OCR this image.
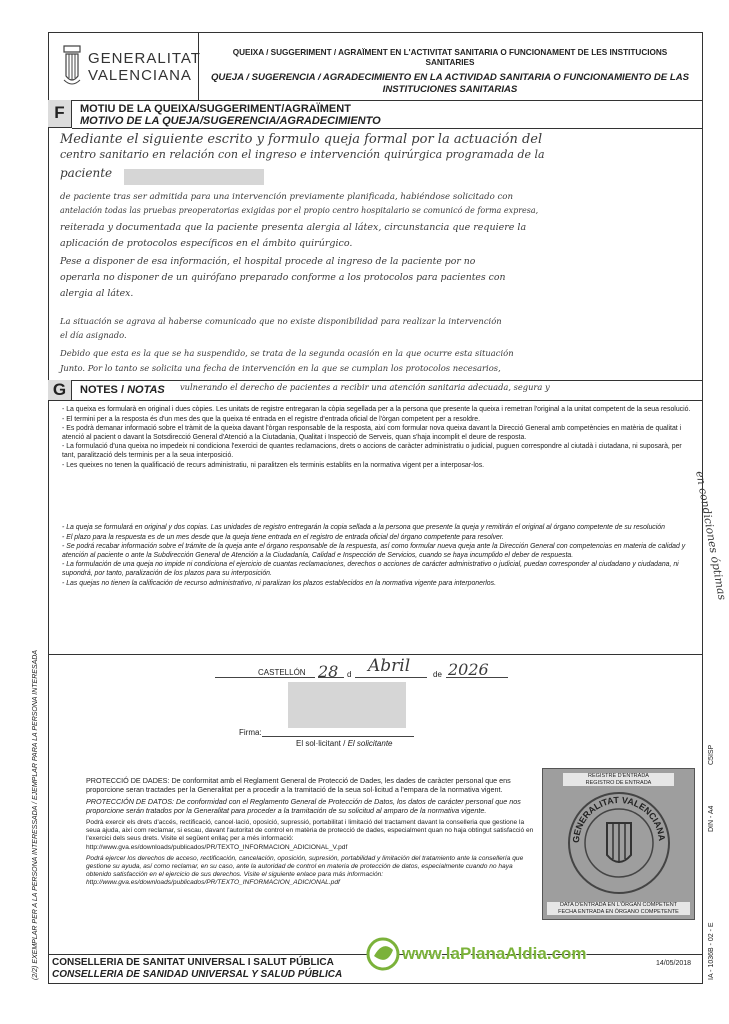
GENERALITAT
VALENCIANA
QUEIXA / SUGGERIMENT / AGRAÏMENT EN L'ACTIVITAT SANITARIA O FUNCIONAMENT DE LES INSTITUCIONS SANITARIES
QUEJA / SUGERENCIA / AGRADECIMIENTO EN LA ACTIVIDAD SANITARIA O FUNCIONAMIENTO DE LAS INSTITUCIONES SANITARIAS
F	MOTIU DE LA QUEIXA/SUGGERIMENT/AGRAÏMENT
MOTIVO DE LA QUEJA/SUGERENCIA/AGRADECIMIENTO
Mediante el siguiente escrito y formulo queja formal por la actuación del
centro sanitario en relación con el ingreso e intervención quirúrgica programada de la
paciente
de paciente tras ser admitida para una intervención previamente planificada, habiéndose solicitado con
antelación todas las pruebas preoperatorias exigidas por el propio centro hospitalario se comunicó de forma expresa,
reiterada y documentada que la paciente presenta alergia al látex, circunstancia que requiere la
aplicación de protocolos específicos en el ámbito quirúrgico.
Pese a disponer de esa información, el hospital procede al ingreso de la paciente por no
operarla no disponer de un quirófano preparado conforme a los protocolos para pacientes con
alergia al látex.
La situación se agrava al haberse comunicado que no existe disponibilidad para realizar la intervención
el día asignado.
Debido que esta es la que se ha suspendido, se trata de la segunda ocasión en la que ocurre esta situación
Junto. Por lo tanto se solicita una fecha de intervención en la que se cumplan los protocolos necesarios,
G	NOTES / NOTAS vulnerando el derecho de pacientes a recibir una atención sanitaria adecuada, segura y
en condiciones óptimas
- La queixa es formularà en original i dues còpies. Les unitats de registre entregaran la còpia segellada per a la persona que presente la queixa i remetran l'original a la unitat competent de la seua resolució.
- El termini per a la resposta és d'un mes des que la queixa té entrada en el registre d'entrada oficial de l'òrgan competent per a resoldre.
- Es podrà demanar informació sobre el tràmit de la queixa davant l'òrgan responsable de la resposta, així com formular nova queixa davant la Direcció General amb competències en matèria de qualitat i atenció al pacient o davant la Sotsdirecció General d'Atenció a la Ciutadania, Qualitat i Inspecció de Serveis, quan s'haja incomplit el deure de resposta.
- La formulació d'una queixa no impedeix ni condiciona l'exercici de quantes reclamacions, drets o accions de caràcter administratiu o judicial, puguen correspondre al ciutadà i ciutadana, ni suposarà, per tant, paralització dels terminis per a la seua interposició.
- Les queixes no tenen la qualificació de recurs administratiu, ni paralitzen els terminis establits en la normativa vigent per a interposar-los.
- La queja se formulará en original y dos copias. Las unidades de registro entregarán la copia sellada a la persona que presente la queja y remitirán el original al órgano competente de su resolución
- El plazo para la respuesta es de un mes desde que la queja tiene entrada en el registro de entrada oficial del órgano competente para resolver.
- Se podrá recabar información sobre el trámite de la queja ante el órgano responsable de la respuesta, así como formular nueva queja ante la Dirección General con competencias en materia de calidad y atención al paciente o ante la Subdirección General de Atención a la Ciudadanía, Calidad e Inspección de Servicios, cuando se haya incumplido el deber de respuesta.
- La formulación de una queja no impide ni condiciona el ejercicio de cuantas reclamaciones, derechos o acciones de carácter administrativo o judicial, puedan corresponder al ciudadano y ciudadana, ni supondrá, por tanto, paralización de los plazos para su interposición.
- Las quejas no tienen la calificación de recurso administrativo, ni paralizan los plazos establecidos en la normativa vigente para interponerlos.
CASTELLÓN 28 d Abril	de 2026
Firma:
El sol·licitant / El solicitante
PROTECCIÓ DE DADES: De conformitat amb el Reglament General de Protecció de Dades, les dades de caràcter personal que ens proporcione seran tractades per la Generalitat per a procedir a la tramitació de la seua sol·licitud a l'empara de la normativa vigent.
PROTECCIÓN DE DATOS: De conformidad con el Reglamento General de Protección de Datos, los datos de carácter personal que nos proporcione serán tratados por la Generalitat para proceder a la tramitación de su solicitud al amparo de la normativa vigente.
Podrà exercir els drets d'accés, rectificació, cancel·lació, oposició, supressió, portabilitat i limitació del tractament davant la conselleria que gestione la seua ajuda, així com reclamar, si escau, davant l'autoritat de control en matèria de protecció de dades, especialment quan no haja obtingut satisfacció en l'exercici dels seus drets. Visite el següent enllaç per a més informació: http://www.gva.es/downloads/publicados/PR/TEXTO_INFORMACION_ADICIONAL_V.pdf
Podrá ejercer los derechos de acceso, rectificación, cancelación, oposición, supresión, portabilidad y limitación del tratamiento ante la consellería que gestione su ayuda, así como reclamar, en su caso, ante la autoridad de control en materia de protección de datos, especialmente cuando no haya obtenido satisfacción en el ejercicio de sus derechos. Visite el siguiente enlace para más información: http://www.gva.es/downloads/publicados/PR/TEXTO_INFORMACION_ADICIONAL.pdf
REGISTRE D'ENTRADA
REGISTRO DE ENTRADA
GENERALITAT VALENCIANA
DATA D'ENTRADA EN L'ÒRGAN COMPETENT
FECHA ENTRADA EN ÓRGANO COMPETENTE
C5ISP
DIN - A4
IA - 1036B - 02 - E
(2/2) EXEMPLAR PER A LA PERSONA INTERESSADA / EJEMPLAR PARA LA PERSONA INTERESADA CONSELLERIA DE SANITAT UNIVERSAL I SALUT PÚBLICA
CONSELLERIA DE SANIDAD UNIVERSAL Y SALUD PÚBLICA
14/05/2018
www.laPlanaAldia.com
